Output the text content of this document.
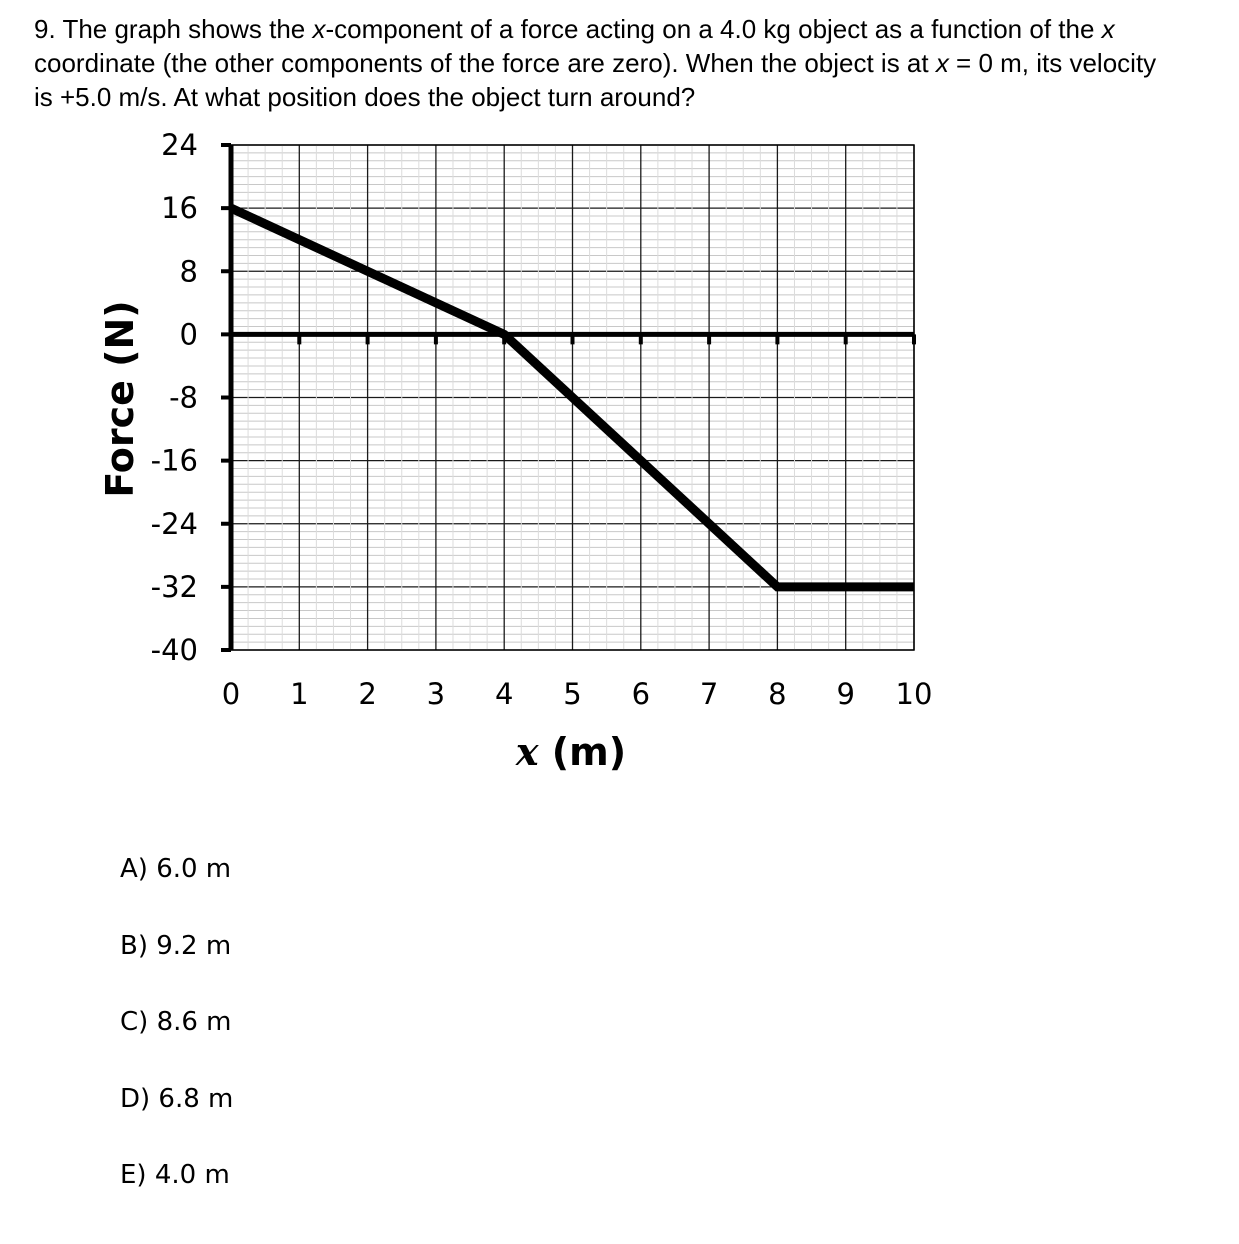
9. The graph shows the x-component of a force acting on a 4.0 kg object as a function of the x coordinate (the other components of the force are zero). When the object is at x = 0 m, its velocity is +5.0 m/s. At what position does the object turn around?
24
16
8
0
-8
-16
-24
-32
-40
0 1 2 3 4 5 6 7 8 9 10
Force (N)
x (m)
A) 6.0 m
B) 9.2 m
C) 8.6 m
D) 6.8 m
E) 4.0 m
